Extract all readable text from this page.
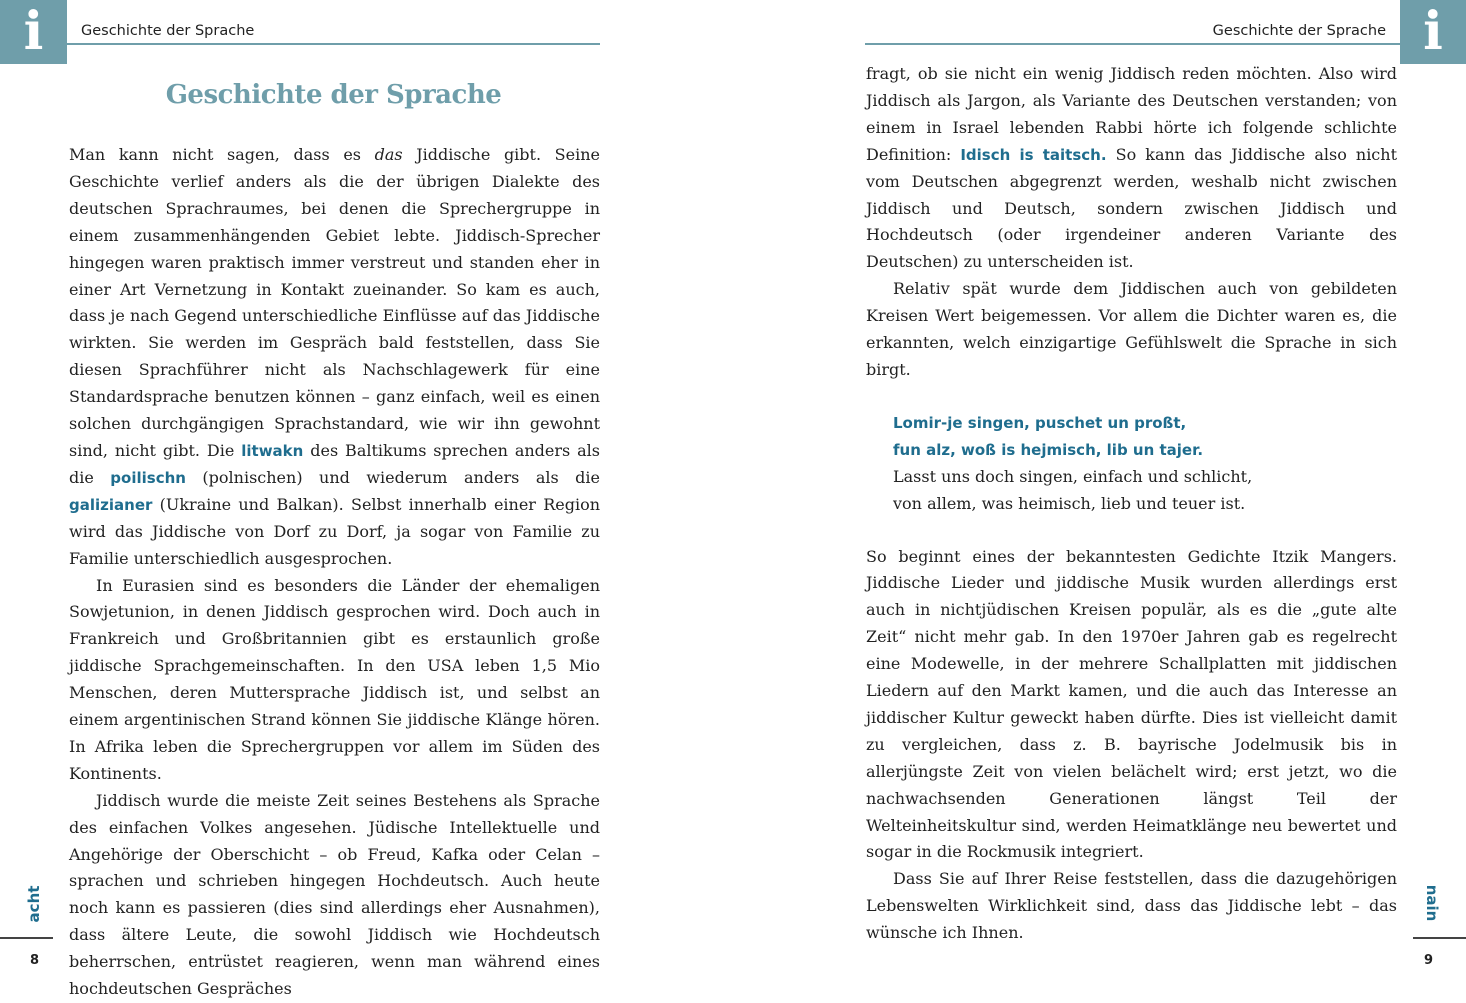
i	Geschichte der Sprache
Geschichte der Sprache

Man kann nicht sagen, dass es das Jiddische gibt. Seine Geschichte verlief anders als die der übrigen Dialekte des deutschen Sprachraumes, bei denen die Sprechergruppe in einem zusammenhängenden Gebiet lebte. Jiddisch-Sprecher hingegen waren praktisch immer verstreut und standen eher in einer Art Vernetzung in Kontakt zueinander. So kam es auch, dass je nach Gegend unterschiedliche Einflüsse auf das Jiddische wirkten. Sie werden im Gespräch bald feststellen, dass Sie diesen Sprachführer nicht als Nachschlagewerk für eine Standardsprache benutzen können – ganz einfach, weil es einen solchen durchgängigen Sprachstandard, wie wir ihn gewohnt sind, nicht gibt. Die litwakn des Baltikums sprechen anders als die poilischn (polnischen) und wiederum anders als die galizianer (Ukraine und Balkan). Selbst innerhalb einer Region wird das Jiddische von Dorf zu Dorf, ja sogar von Familie zu Familie unterschiedlich ausgesprochen.

In Eurasien sind es besonders die Länder der ehemaligen Sowjetunion, in denen Jiddisch gesprochen wird. Doch auch in Frankreich und Großbritannien gibt es erstaunlich große jiddische Sprachgemeinschaften. In den USA leben 1,5 Mio Menschen, deren Muttersprache Jiddisch ist, und selbst an einem argentinischen Strand können Sie jiddische Klänge hören. In Afrika leben die Sprechergruppen vor allem im Süden des Kontinents.

Jiddisch wurde die meiste Zeit seines Bestehens als Sprache des einfachen Volkes angesehen. Jüdische Intellektuelle und Angehörige der Oberschicht – ob Freud, Kafka oder Celan – sprachen und schrieben hingegen Hochdeutsch. Auch heute noch kann es passieren (dies sind allerdings eher Ausnahmen), dass ältere Leute, die sowohl Jiddisch wie Hochdeutsch beherrschen, entrüstet reagieren, wenn man während eines hochdeutschen Gespräches

acht
8
i
Geschichte der Sprache

fragt, ob sie nicht ein wenig Jiddisch reden möchten. Also wird Jiddisch als Jargon, als Variante des Deutschen verstanden; von einem in Israel lebenden Rabbi hörte ich folgende schlichte Definition: Idisch is taitsch. So kann das Jiddische also nicht vom Deutschen abgegrenzt werden, weshalb nicht zwischen Jiddisch und Deutsch, sondern zwischen Jiddisch und Hochdeutsch (oder irgendeiner anderen Variante des Deutschen) zu unterscheiden ist.

Relativ spät wurde dem Jiddischen auch von gebildeten Kreisen Wert beigemessen. Vor allem die Dichter waren es, die erkannten, welch einzigartige Gefühlswelt die Sprache in sich birgt.

Lomir-je singen, puschet un proßt,
fun alz, woß is hejmisch, lib un tajer.
Lasst uns doch singen, einfach und schlicht,
von allem, was heimisch, lieb und teuer ist.

So beginnt eines der bekanntesten Gedichte Itzik Mangers. Jiddische Lieder und jiddische Musik wurden allerdings erst auch in nichtjüdischen Kreisen populär, als es die „gute alte Zeit“ nicht mehr gab. In den 1970er Jahren gab es regelrecht eine Modewelle, in der mehrere Schallplatten mit jiddischen Liedern auf den Markt kamen, und die auch das Interesse an jiddischer Kultur geweckt haben dürfte. Dies ist vielleicht damit zu vergleichen, dass z. B. bayrische Jodelmusik bis in allerjüngste Zeit von vielen belächelt wird; erst jetzt, wo die nachwachsenden Generationen längst Teil der Welteinheitskultur sind, werden Heimatklänge neu bewertet und sogar in die Rockmusik integriert.

Dass Sie auf Ihrer Reise feststellen, dass die dazugehörigen Lebenswelten Wirklichkeit sind, dass das Jiddische lebt – das wünsche ich Ihnen.

nain
9
